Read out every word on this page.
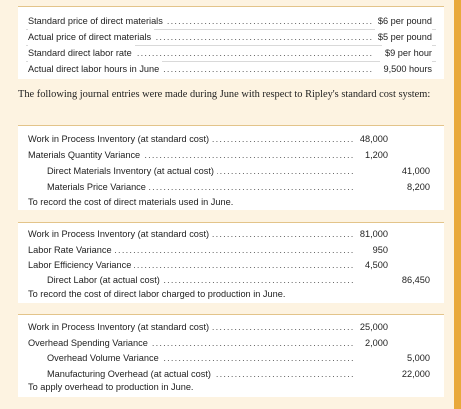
.....
Standard price of direct materials	$6 per pound
.....
Actual price of direct materials	$5 per pound
.....
Standard direct labor rate	$9 per hour
.....
Actual direct labor hours in June	9,500 hours
The following journal entries were made during June with respect to Ripley's standard cost system:
.....
Work in Process Inventory (at standard cost)	48,000
.....
Materials Quantity Variance	1,200
.....
Direct Materials Inventory (at actual cost)	41,000
.....
Materials Price Variance	8,200
To record the cost of direct materials used in June.
.....
Work in Process Inventory (at standard cost)	81,000
.....
Labor Rate Variance	950
.....
Labor Efficiency Variance	4,500
.....
Direct Labor (at actual cost)	86,450
To record the cost of direct labor charged to production in June.
.....
Work in Process Inventory (at standard cost)	25,000
.....
Overhead Spending Variance	2,000
.....
Overhead Volume Variance	5,000
.....
Manufacturing Overhead (at actual cost)	22,000
To apply overhead to production in June.
